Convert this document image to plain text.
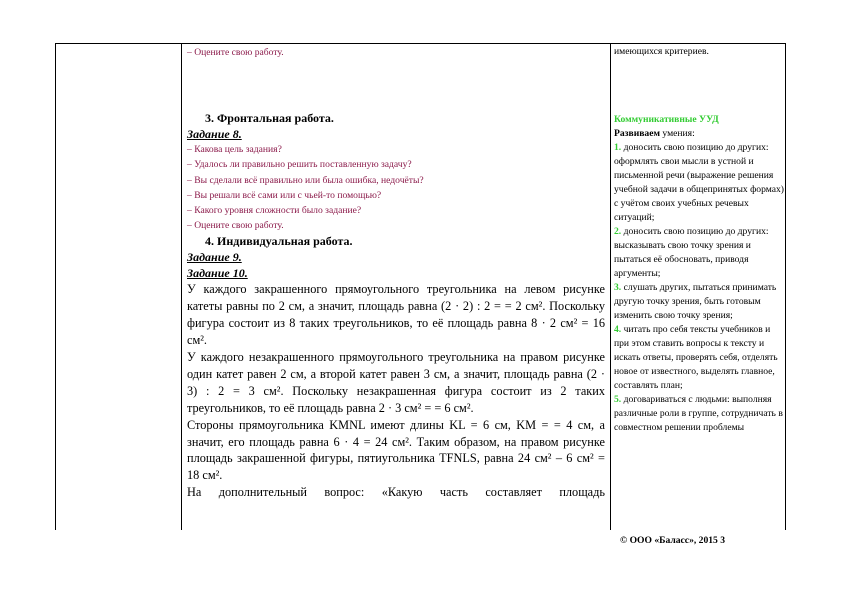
– Оцените свою работу.
3. Фронтальная работа.
Задание 8.
– Какова цель задания?
– Удалось ли правильно решить поставленную задачу?
– Вы сделали всё правильно или была ошибка, недочёты?
– Вы решали всё сами или с чьей-то помощью?
– Какого уровня сложности было задание?
– Оцените свою работу.
4. Индивидуальная работа.
Задание 9.
Задание 10.

У каждого закрашенного прямоугольного треугольника на левом рисунке катеты равны по 2 см, а значит, площадь равна (2 · 2) : 2 = = 2 см². Поскольку фигура состоит из 8 таких треугольников, то её площадь равна 8 · 2 см² = 16 см².

У каждого незакрашенного прямоугольного треугольника на правом рисунке один катет равен 2 см, а второй катет равен 3 см, а значит, площадь равна (2 · 3) : 2 = 3 см². Поскольку незакрашенная фигура состоит из 2 таких треугольников, то её площадь равна 2 · 3 см² = = 6 см².

Стороны прямоугольника KMNL имеют длины KL = 6 см, KM = = 4 см, а значит, его площадь равна 6 · 4 = 24 см². Таким образом, на правом рисунке площадь закрашенной фигуры, пятиугольника TFNLS, равна 24 см² – 6 см² = 18 см².

На дополнительный вопрос: «Какую часть составляет площадь

имеющихся критериев.
Коммуникативные УУД
Развиваем умения:
1. доносить свою позицию до других: оформлять свои мысли в устной и письменной речи (выражение решения учебной задачи в общепринятых формах) с учётом своих учебных речевых ситуаций;
2. доносить свою позицию до других: высказывать свою точку зрения и пытаться её обосновать, приводя аргументы;
3. слушать других, пытаться принимать другую точку зрения, быть готовым изменить свою точку зрения;
4. читать про себя тексты учебников и при этом ставить вопросы к тексту и искать ответы, проверять себя, отделять новое от известного, выделять главное, составлять план;
5. договариваться с людьми: выполняя различные роли в группе, сотрудничать в совместном решении проблемы
© ООО «Баласс», 2015 3
